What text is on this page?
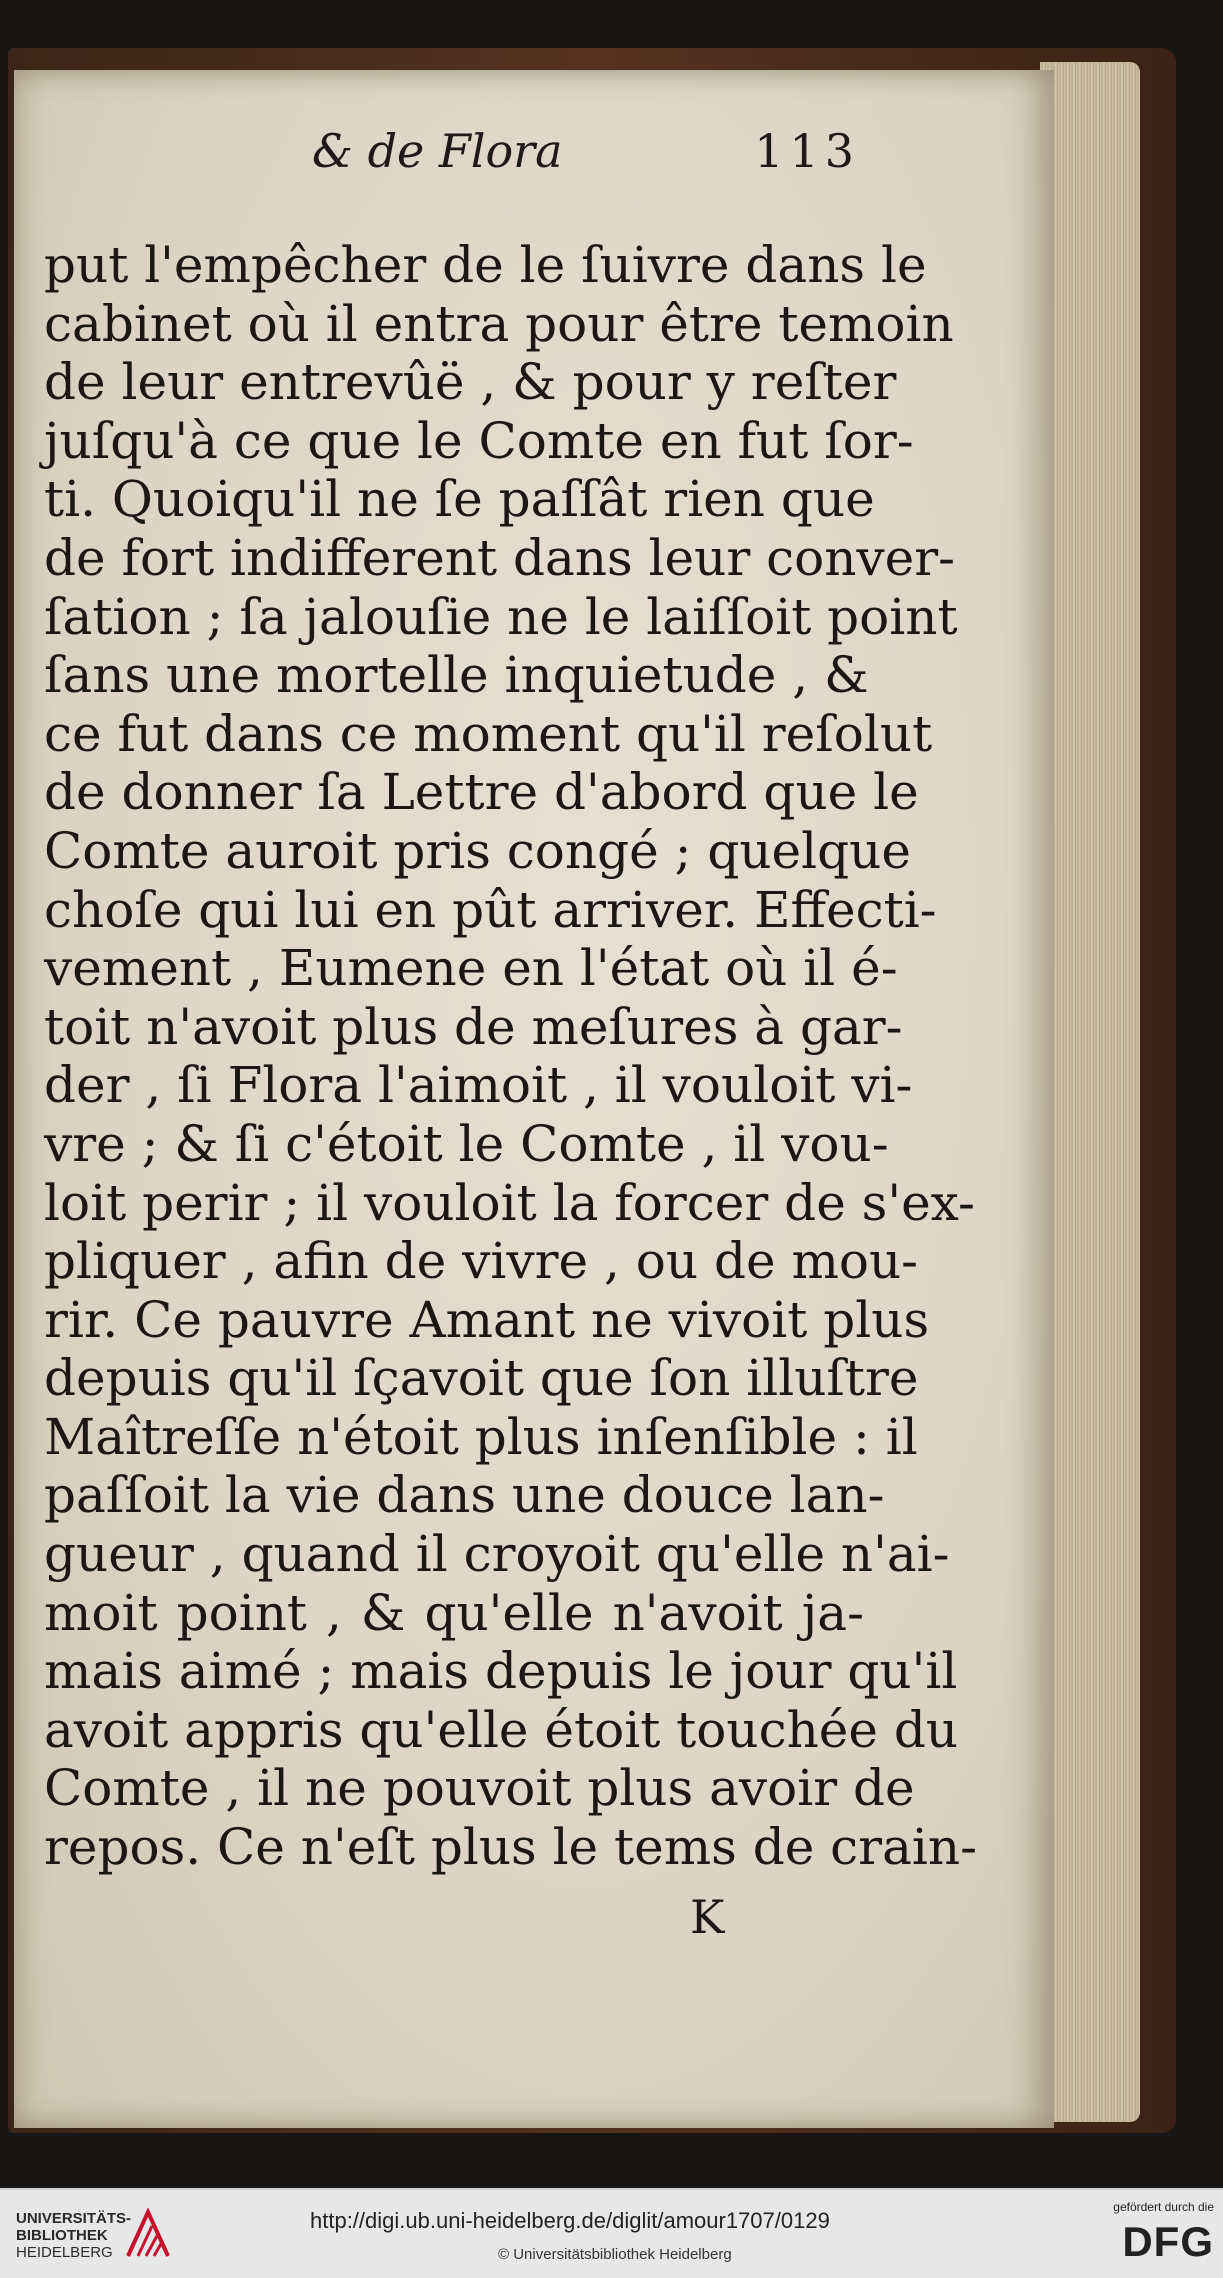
& de Flora	113
put l'empêcher de le ſuivre dans le
cabinet où il entra pour être temoin
de leur entrevûë , & pour y reſter
juſqu'à ce que le Comte en fut ſor-
ti. Quoiqu'il ne ſe paſſât rien que
de fort indifferent dans leur conver-
ſation ; ſa jalouſie ne le laiſſoit point
ſans une mortelle inquietude , &
ce fut dans ce moment qu'il reſolut
de donner ſa Lettre d'abord que le
Comte auroit pris congé ; quelque
choſe qui lui en pût arriver. Effecti-
vement , Eumene en l'état où il é-
toit n'avoit plus de meſures à gar-
der , ſi Flora l'aimoit , il vouloit vi-
vre ; & ſi c'étoit le Comte , il vou-
loit perir ; il vouloit la forcer de s'ex-
pliquer , afin de vivre , ou de mou-
rir. Ce pauvre Amant ne vivoit plus
depuis qu'il ſçavoit que ſon illuſtre
Maîtreſſe n'étoit plus inſenſible : il
paſſoit la vie dans une douce lan-
gueur , quand il croyoit qu'elle n'ai-
moit point , & qu'elle n'avoit ja-
mais aimé ; mais depuis le jour qu'il
avoit appris qu'elle étoit touchée du
Comte , il ne pouvoit plus avoir de
repos. Ce n'eſt plus le tems de crain-
K
UNIVERSITÄTS-
BIBLIOTHEK
HEIDELBERG
http://digi.ub.uni-heidelberg.de/diglit/amour1707/0129
© Universitätsbibliothek Heidelberg
gefördert durch die
DFG
